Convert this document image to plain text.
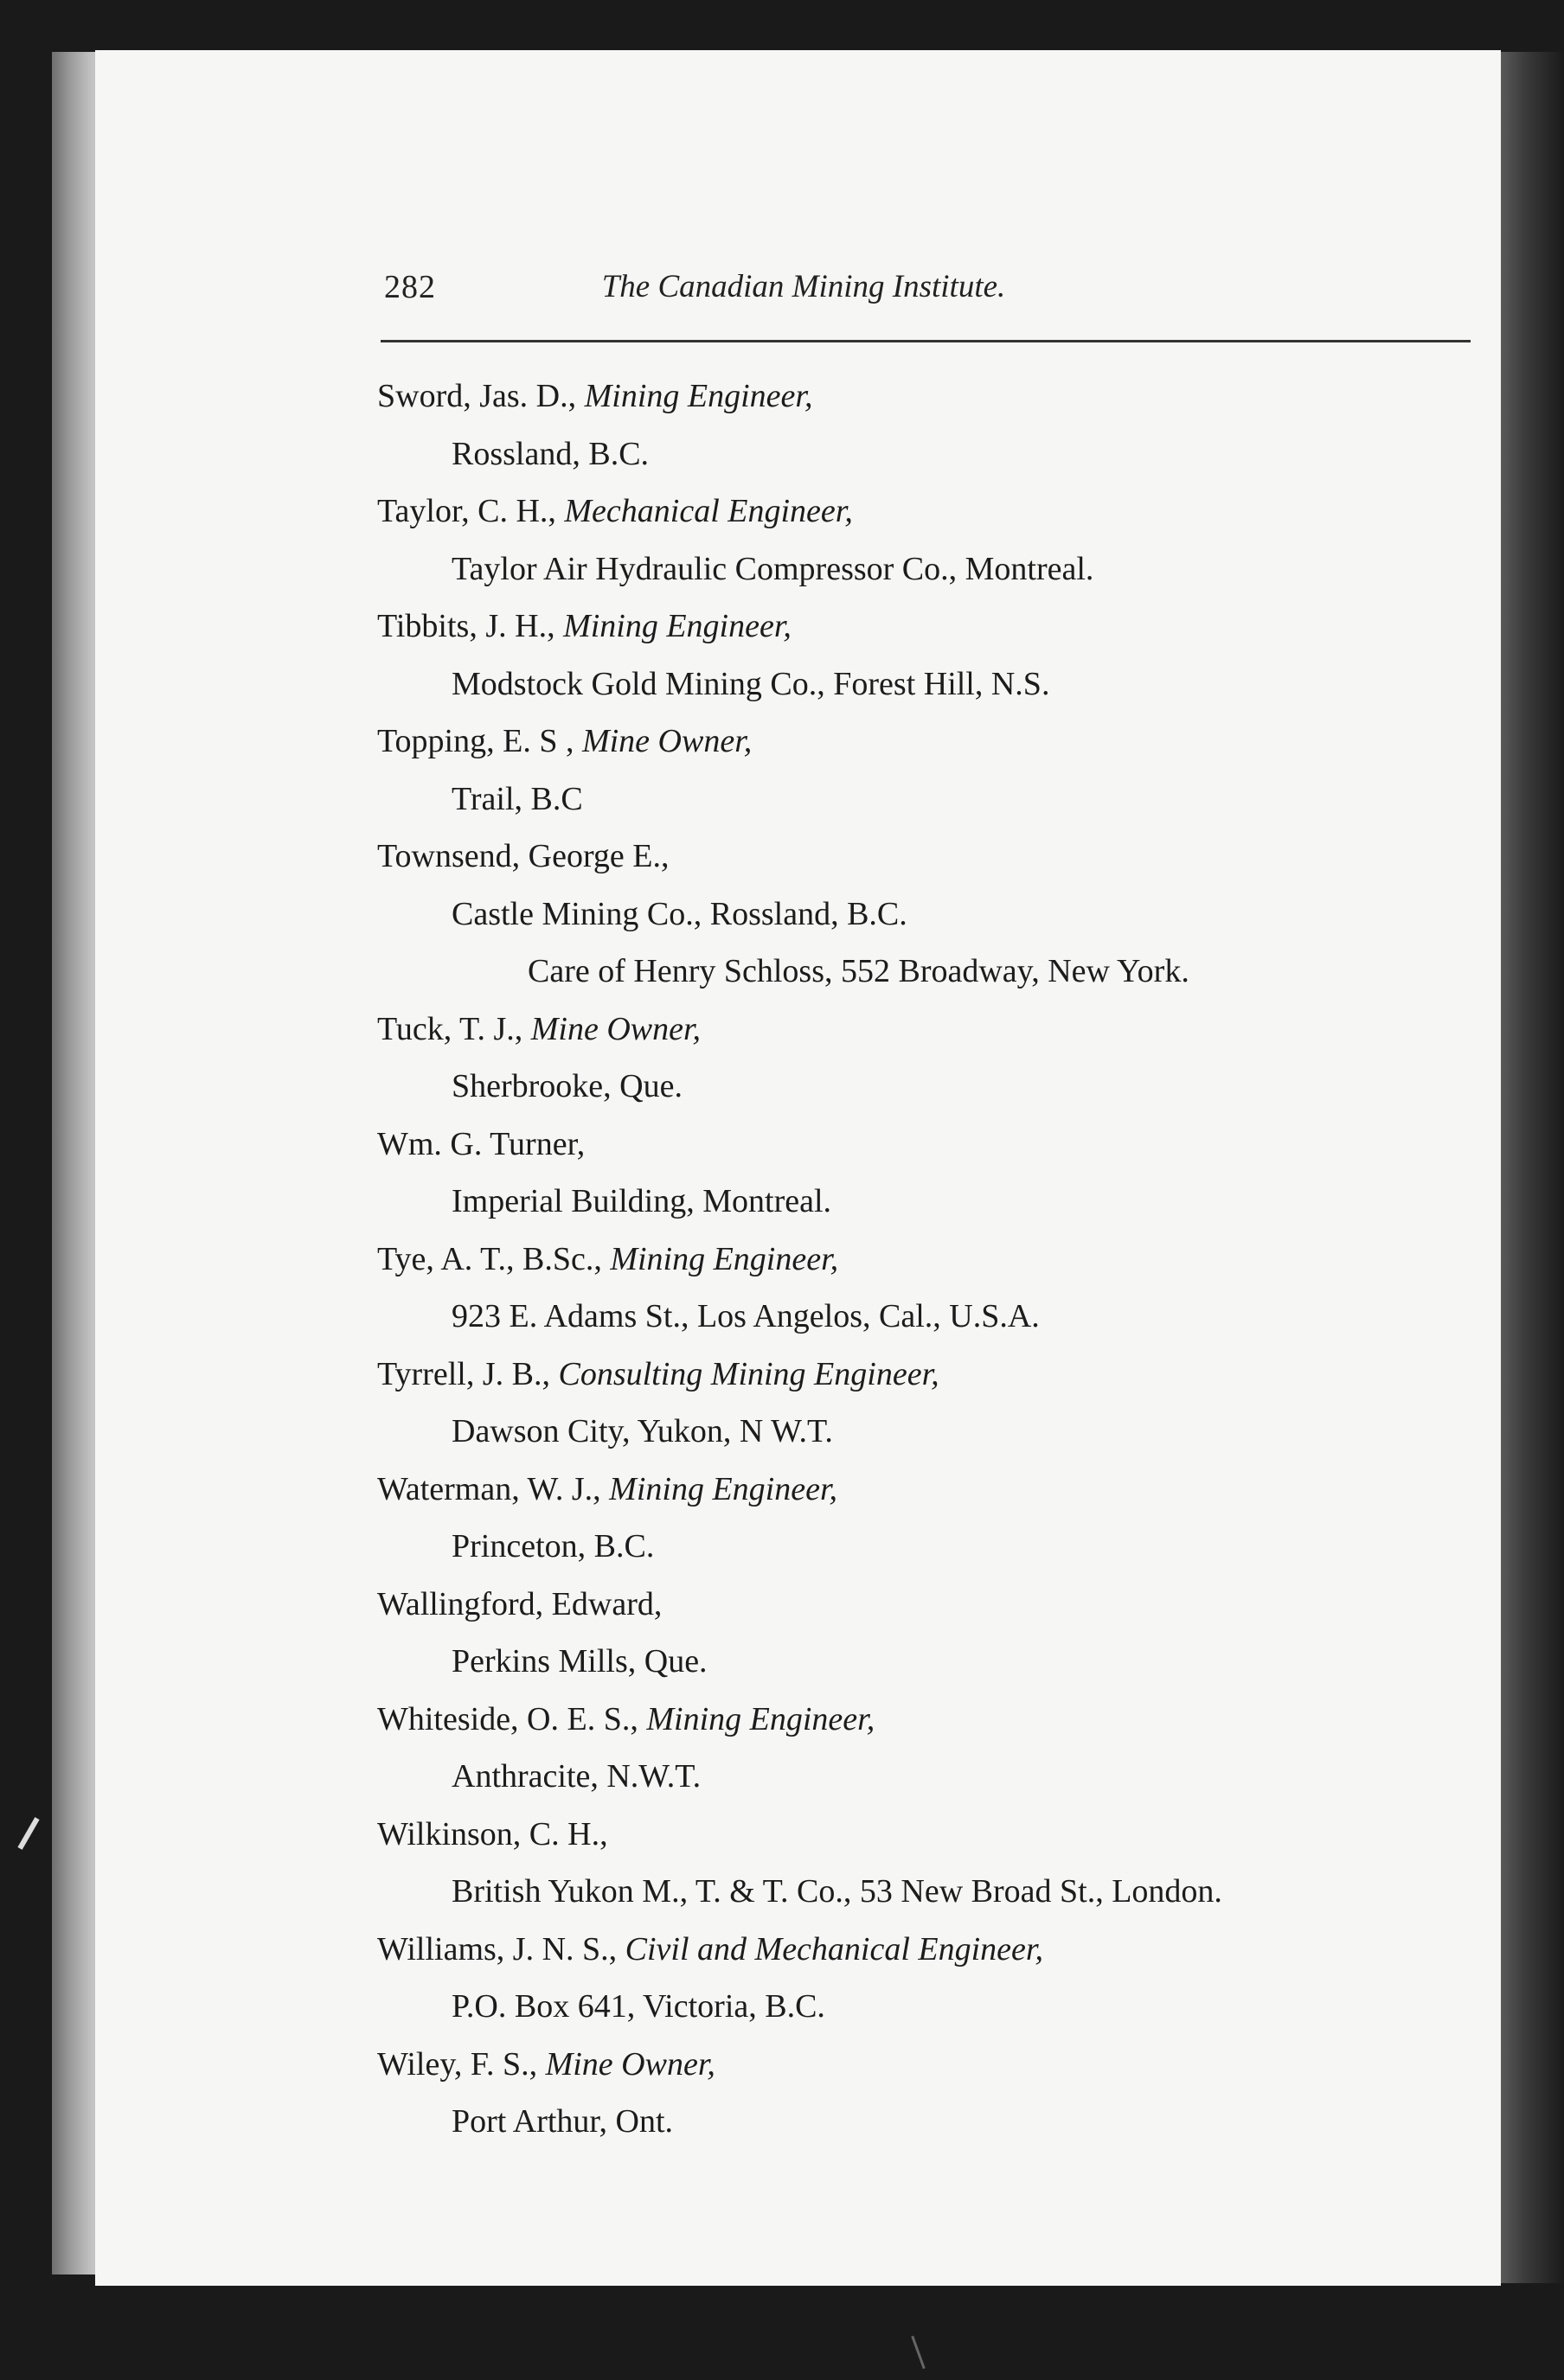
282	The Canadian Mining Institute.
Sword, Jas. D., Mining Engineer,
Rossland, B.C.
Taylor, C. H., Mechanical Engineer,
Taylor Air Hydraulic Compressor Co., Montreal.
Tibbits, J. H., Mining Engineer,
Modstock Gold Mining Co., Forest Hill, N.S.
Topping, E. S , Mine Owner,
Trail, B.C
Townsend, George E.,
Castle Mining Co., Rossland, B.C.
Care of Henry Schloss, 552 Broadway, New York.
Tuck, T. J., Mine Owner,
Sherbrooke, Que.
Wm. G. Turner,
Imperial Building, Montreal.
Tye, A. T., B.Sc., Mining Engineer,
923 E. Adams St., Los Angelos, Cal., U.S.A.
Tyrrell, J. B., Consulting Mining Engineer,
Dawson City, Yukon, N W.T.
Waterman, W. J., Mining Engineer,
Princeton, B.C.
Wallingford, Edward,
Perkins Mills, Que.
Whiteside, O. E. S., Mining Engineer,
Anthracite, N.W.T.
Wilkinson, C. H.,
British Yukon M., T. & T. Co., 53 New Broad St., London.
Williams, J. N. S., Civil and Mechanical Engineer,
P.O. Box 641, Victoria, B.C.
Wiley, F. S., Mine Owner,
Port Arthur, Ont.
